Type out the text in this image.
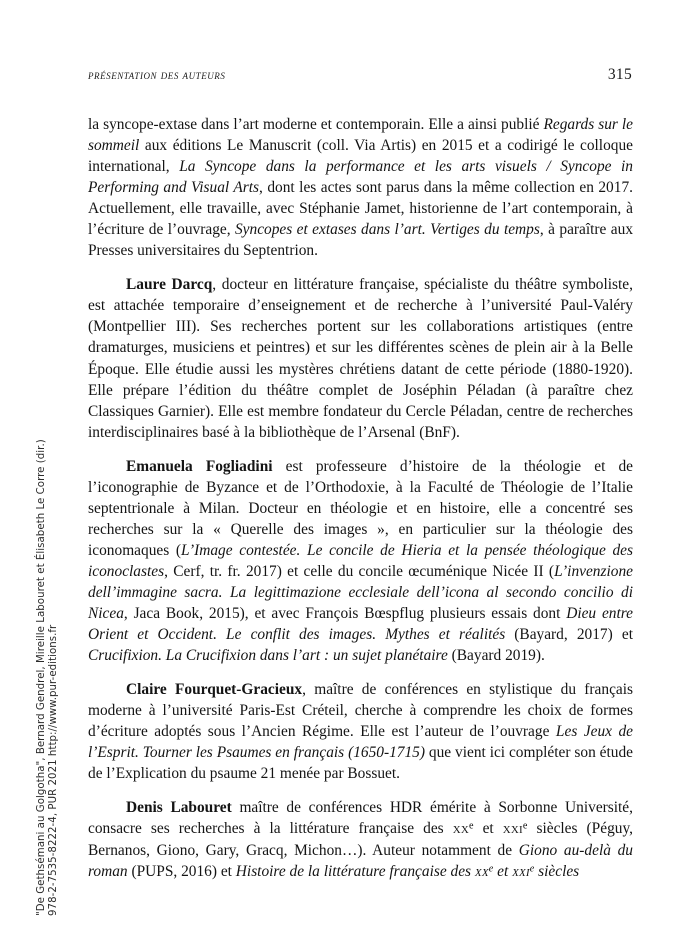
présentation des auteurs	315

la syncope-extase dans l’art moderne et contemporain. Elle a ainsi publié Regards sur le sommeil aux éditions Le Manuscrit (coll. Via Artis) en 2015 et a codirigé le colloque international, La Syncope dans la performance et les arts visuels / Syncope in Performing and Visual Arts, dont les actes sont parus dans la même collection en 2017. Actuellement, elle travaille, avec Stéphanie Jamet, historienne de l’art contemporain, à l’écriture de l’ouvrage, Syncopes et extases dans l’art. Vertiges du temps, à paraître aux Presses universitaires du Septentrion.

Laure Darcq, docteur en littérature française, spécialiste du théâtre symboliste, est attachée temporaire d’enseignement et de recherche à l’université Paul-Valéry (Montpellier III). Ses recherches portent sur les collaborations artistiques (entre dramaturges, musiciens et peintres) et sur les différentes scènes de plein air à la Belle Époque. Elle étudie aussi les mystères chrétiens datant de cette période (1880-1920). Elle prépare l’édition du théâtre complet de Joséphin Péladan (à paraître chez Classiques Garnier). Elle est membre fondateur du Cercle Péladan, centre de recherches interdisciplinaires basé à la bibliothèque de l’Arsenal (BnF).

Emanuela Fogliadini est professeure d’histoire de la théologie et de l’iconographie de Byzance et de l’Orthodoxie, à la Faculté de Théologie de l’Italie septentrionale à Milan. Docteur en théologie et en histoire, elle a concentré ses recherches sur la « Querelle des images », en particulier sur la théologie des iconomaques (L’Image contestée. Le concile de Hieria et la pensée théologique des iconoclastes, Cerf, tr. fr. 2017) et celle du concile œcuménique Nicée II (L’invenzione dell’immagine sacra. La legittimazione ecclesiale dell’icona al secondo concilio di Nicea, Jaca Book, 2015), et avec François Bœspflug plusieurs essais dont Dieu entre Orient et Occident. Le conflit des images. Mythes et réalités (Bayard, 2017) et Crucifixion. La Crucifixion dans l’art : un sujet planétaire (Bayard 2019).

Claire Fourquet-Gracieux, maître de conférences en stylistique du français moderne à l’université Paris-Est Créteil, cherche à comprendre les choix de formes d’écriture adoptés sous l’Ancien Régime. Elle est l’auteur de l’ouvrage Les Jeux de l’Esprit. Tourner les Psaumes en français (1650-1715) que vient ici compléter son étude de l’Explication du psaume 21 menée par Bossuet.

Denis Labouret maître de conférences HDR émérite à Sorbonne Université, consacre ses recherches à la littérature française des $xx^e$ et xxi$^e$ siècles (Péguy, Bernanos, Giono, Gary, Gracq, Michon…). Auteur notamment de Giono au-delà du roman (PUPS, 2016) et Histoire de la littérature française des $xx^e$ et xxi$^e$ siècles

"De Gethsémani au Golgotha", Bernard Gendrel, Mireille Labouret et Élisabeth Le Corre (dir.) 978-2-7535-8222-4, PUR 2021 http://www.pur-editions.fr
